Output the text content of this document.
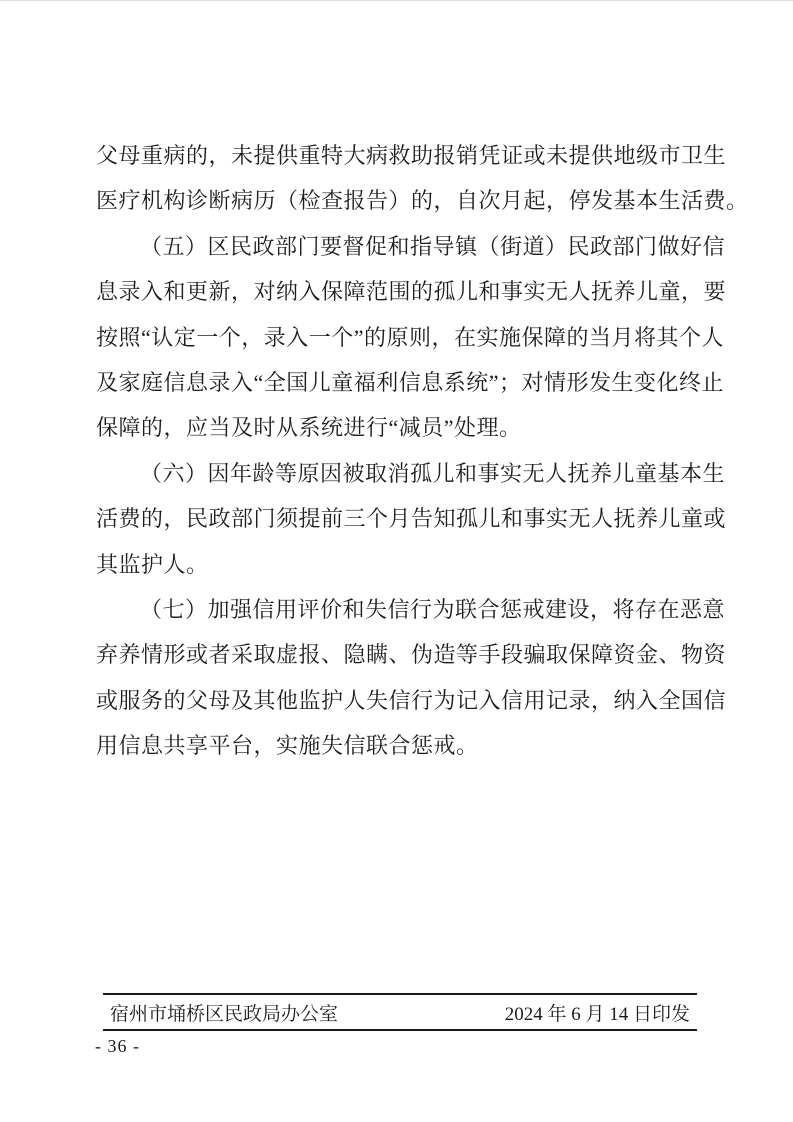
父母重病的，未提供重特大病救助报销凭证或未提供地级市卫生
医疗机构诊断病历（检查报告）的，自次月起，停发基本生活费。
（五）区民政部门要督促和指导镇（街道）民政部门做好信
息录入和更新，对纳入保障范围的孤儿和事实无人抚养儿童，要
按照“认定一个，录入一个”的原则，在实施保障的当月将其个人
及家庭信息录入“全国儿童福利信息系统”；对情形发生变化终止
保障的，应当及时从系统进行“减员”处理。
（六）因年龄等原因被取消孤儿和事实无人抚养儿童基本生
活费的，民政部门须提前三个月告知孤儿和事实无人抚养儿童或
其监护人。
（七）加强信用评价和失信行为联合惩戒建设，将存在恶意
弃养情形或者采取虚报、隐瞒、伪造等手段骗取保障资金、物资
或服务的父母及其他监护人失信行为记入信用记录，纳入全国信
用信息共享平台，实施失信联合惩戒。
宿州市埇桥区民政局办公室	2024 年 6 月 14 日印发
- 36 -
